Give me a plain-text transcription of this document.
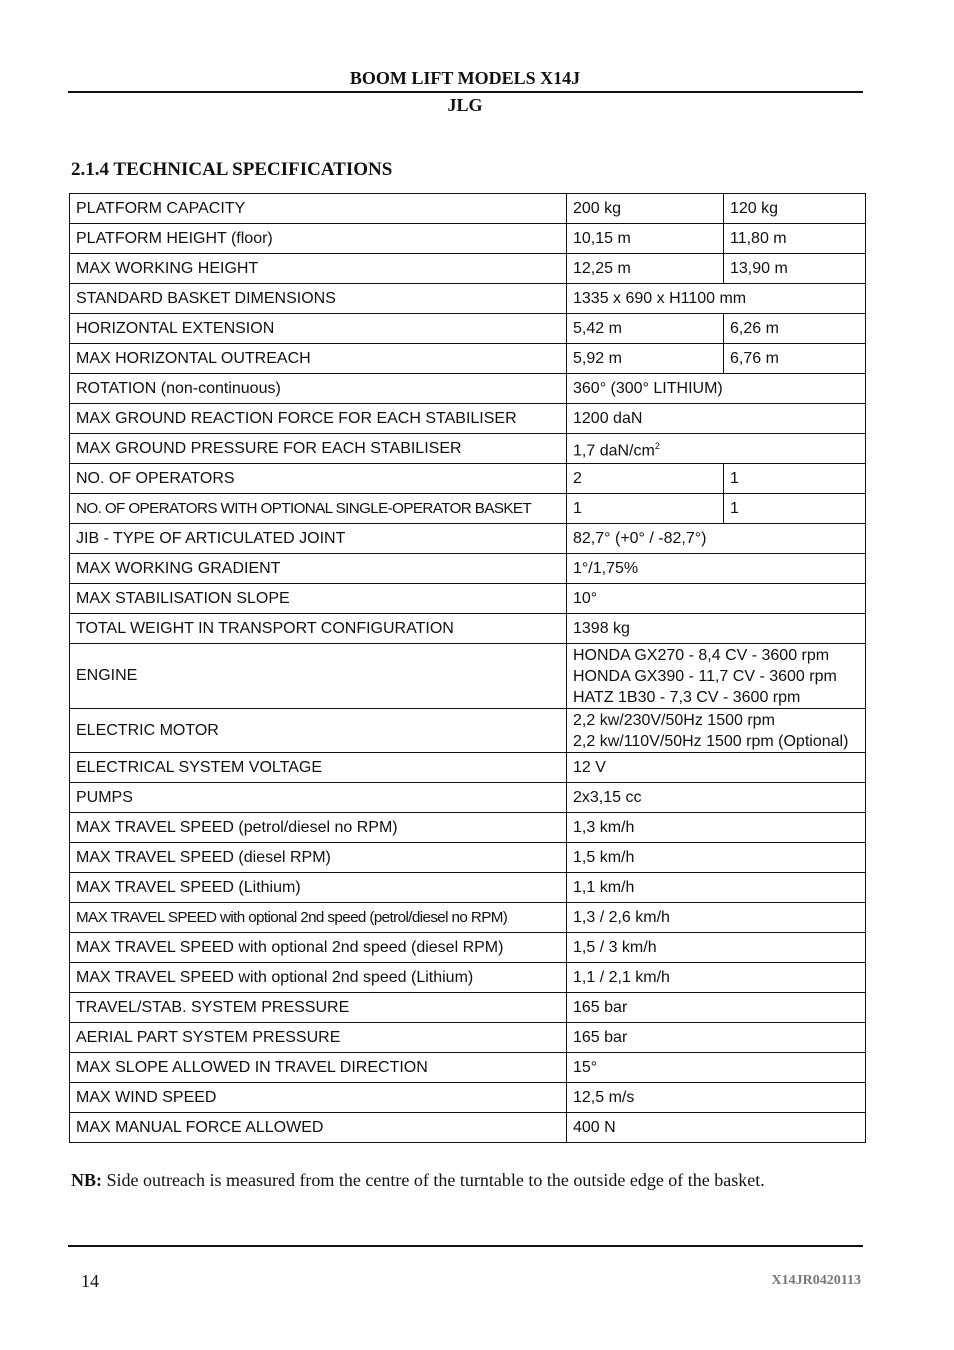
BOOM LIFT MODELS X14J
JLG
2.1.4 TECHNICAL SPECIFICATIONS
PLATFORM CAPACITY	200 kg	120 kg
PLATFORM HEIGHT (floor)	10,15 m	11,80 m
MAX WORKING HEIGHT	12,25 m	13,90 m
STANDARD BASKET DIMENSIONS	1335 x 690 x H1100 mm	
HORIZONTAL EXTENSION	5,42 m	6,26 m
MAX HORIZONTAL OUTREACH	5,92 m	6,76 m
ROTATION (non-continuous)	360° (300° LITHIUM)	
MAX GROUND REACTION FORCE FOR EACH STABILISER	1200 daN	
MAX GROUND PRESSURE FOR EACH STABILISER	1,7 daN/$cm^2$
NO. OF OPERATORS	2	1
NO. OF OPERATORS WITH OPTIONAL SINGLE-OPERATOR BASKET	1	1
JIB - TYPE OF ARTICULATED JOINT	82,7° (+0° / -82,7°)	
MAX WORKING GRADIENT	1°/1,75%	
MAX STABILISATION SLOPE	10°	
TOTAL WEIGHT IN TRANSPORT CONFIGURATION	1398 kg	
ENGINE	HONDA GX270 - 8,4 CV - 3600 rpm
HONDA GX390 - 11,7 CV - 3600 rpm
HATZ 1B30 - 7,3 CV - 3600 rpm	
ELECTRIC MOTOR	2,2 kw/230V/50Hz 1500 rpm
2,2 kw/110V/50Hz 1500 rpm (Optional)	
ELECTRICAL SYSTEM VOLTAGE	12 V	
PUMPS	2x3,15 cc	
MAX TRAVEL SPEED (petrol/diesel no RPM)	1,3 km/h	
MAX TRAVEL SPEED (diesel RPM)	1,5 km/h	
MAX TRAVEL SPEED (Lithium)	1,1 km/h	
MAX TRAVEL SPEED with optional 2nd speed (petrol/diesel no RPM)	1,3 / 2,6 km/h	
MAX TRAVEL SPEED with optional 2nd speed (diesel RPM)	1,5 / 3 km/h	
MAX TRAVEL SPEED with optional 2nd speed (Lithium)	1,1 / 2,1 km/h	
TRAVEL/STAB. SYSTEM PRESSURE	165 bar	
AERIAL PART SYSTEM PRESSURE	165 bar	
MAX SLOPE ALLOWED IN TRAVEL DIRECTION	15°	
MAX WIND SPEED	12,5 m/s	
MAX MANUAL FORCE ALLOWED	400 N	
NB: Side outreach is measured from the centre of the turntable to the outside edge of the basket.
14	X14JR0420113
